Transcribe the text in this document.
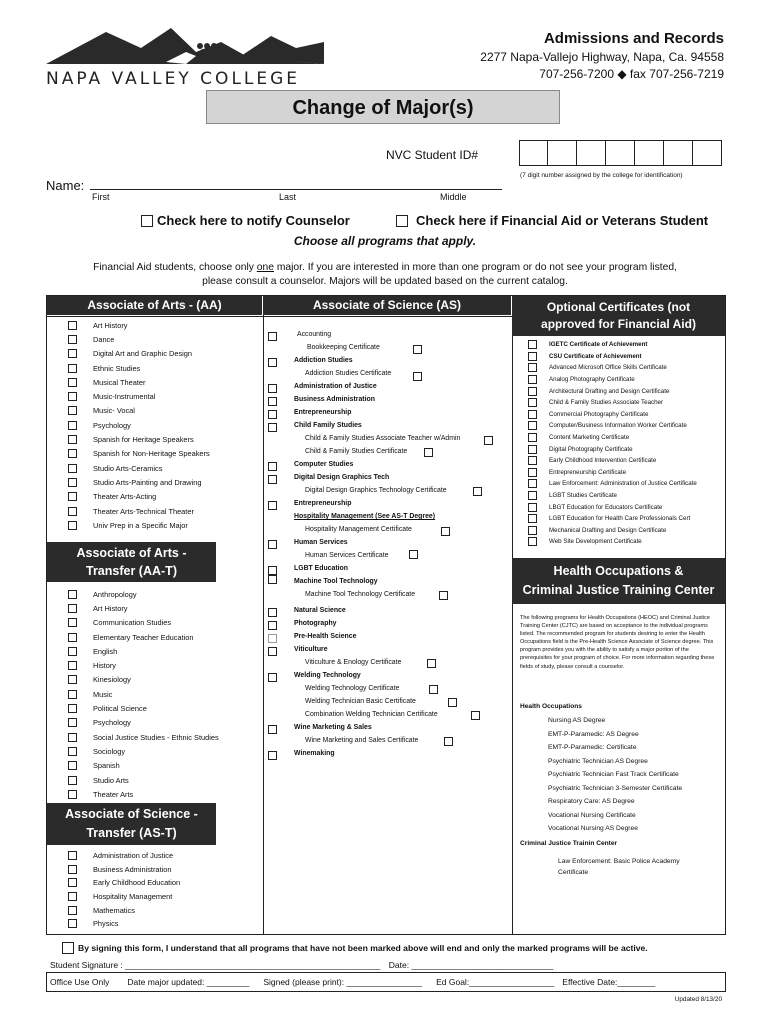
NAPA VALLEY COLLEGE
Admissions and Records
2277 Napa-Vallejo Highway, Napa, Ca. 94558
707-256-7200 ◆ fax 707-256-7219
Change of Major(s)
NVC Student ID#
(7 digit number assigned by the college for identification)
Name:
First	Last	Middle
Check here to notify Counselor	Check here if Financial Aid or Veterans Student
Choose all programs that apply.
Financial Aid students, choose only one major. If you are interested in more than one program or do not see your program listed,
please consult a counselor. Majors will be updated based on the current catalog.
Associate of Arts - (AA)	Associate of Science (AS)	Optional Certificates (not
approved for Financial Aid)
Art History
Dance
Digital Art and Graphic Design
Ethnic Studies
Musical Theater
Music-Instrumental
Music- Vocal
Psychology
Spanish for Heritage Speakers
Spanish for Non-Heritage Speakers
Studio Arts-Ceramics
Studio Arts-Painting and Drawing
Theater Arts-Acting
Theater Arts-Technical Theater
Univ Prep in a Specific Major
Associate of Arts -
Transfer (AA-T)
Anthropology
Art History
Communication Studies
Elementary Teacher Education
English
History
Kinesiology
Music
Political Science
Psychology
Social Justice Studies - Ethnic Studies
Sociology
Spanish
Studio Arts
Theater Arts
Associate of Science -
Transfer (AS-T)
Administration of Justice
Business Administration
Early Childhood Education
Hospitality Management
Mathematics
Physics
Accounting
Bookkeeping Certificate
Addiction Studies
Addiction Studies Certificate
Administration of Justice
Business Administration
Entrepreneurship
Child Family Studies
Child & Family Studies Associate Teacher w/Admin
Child & Family Studies Certificate
Computer Studies
Digital Design Graphics Tech
Digital Design Graphics Technology Certificate
Entrepreneurship
Hospitality Management (See AS-T Degree)
Hospitality Management Certificate
Human Services
Human Services Certificate
LGBT Education
Machine Tool Technology
Machine Tool Technology Certificate
Natural Science
Photography
Pre-Health Science
Viticulture
Viticulture & Enology Certificate
Welding Technology
Welding Technology Certificate
Welding Technician Basic Certificate
Combination Welding Technician Certificate
Wine Marketing & Sales
Wine Marketing and Sales Certificate
Winemaking
IGETC Certificate of Achievement
CSU Certificate of Achievement
Advanced Microsoft Office Skills Certificate
Analog Photography Certificate
Architectural Drafting and Design Certificate
Child & Family Studies Associate Teacher
Commercial Photography Certificate
Computer/Business Information Worker Certificate
Content Marketing Certificate
Digital Photography Certificate
Early Childhood Intervention Certificate
Entrepreneurship Certificate
Law Enforcement: Administration of Justice Certificate
LGBT Studies Certificate
LBGT Education for Educators Certificate
LGBT Education for Health Care Professionals Cert
Mechanical Drafting and Design Certificate
Web Site Development Certificate
Health Occupations &
Criminal Justice Training Center
The following programs for Health Occupations (HEOC) and Criminal Justice Training Center (CJTC) are based on acceptance to the individual programs listed. The recommended program for students desiring to enter the Health Occupations field is the Pre-Health Science Associate of Science degree. This program provides you with the ability to satisfy a major portion of the prerequisites for your program of choice. For more information regarding these fields of study, please consult a counselor.
Health Occupations
Nursing AS Degree
EMT-P-Paramedic: AS Degree
EMT-P-Paramedic: Certificate
Psychiatric Technician AS Degree
Psychiatric Technician Fast Track Certificate
Psychiatric Technician 3-Semester Certificate
Respiratory Care: AS Degree
Vocational Nursing Certificate
Vocational Nursing AS Degree
Criminal Justice Trainin Center
Law Enforcement: Basic Police Academy Certificate
By signing this form, I understand that all programs that have not been marked above will end and only the marked programs will be active.
Student Signature : ______________________________________________________ Date: ______________________________
Office Use Only Date major updated: _________ Signed (please print): ________________ Ed Goal:__________________ Effective Date:________
Updated 8/13/20
